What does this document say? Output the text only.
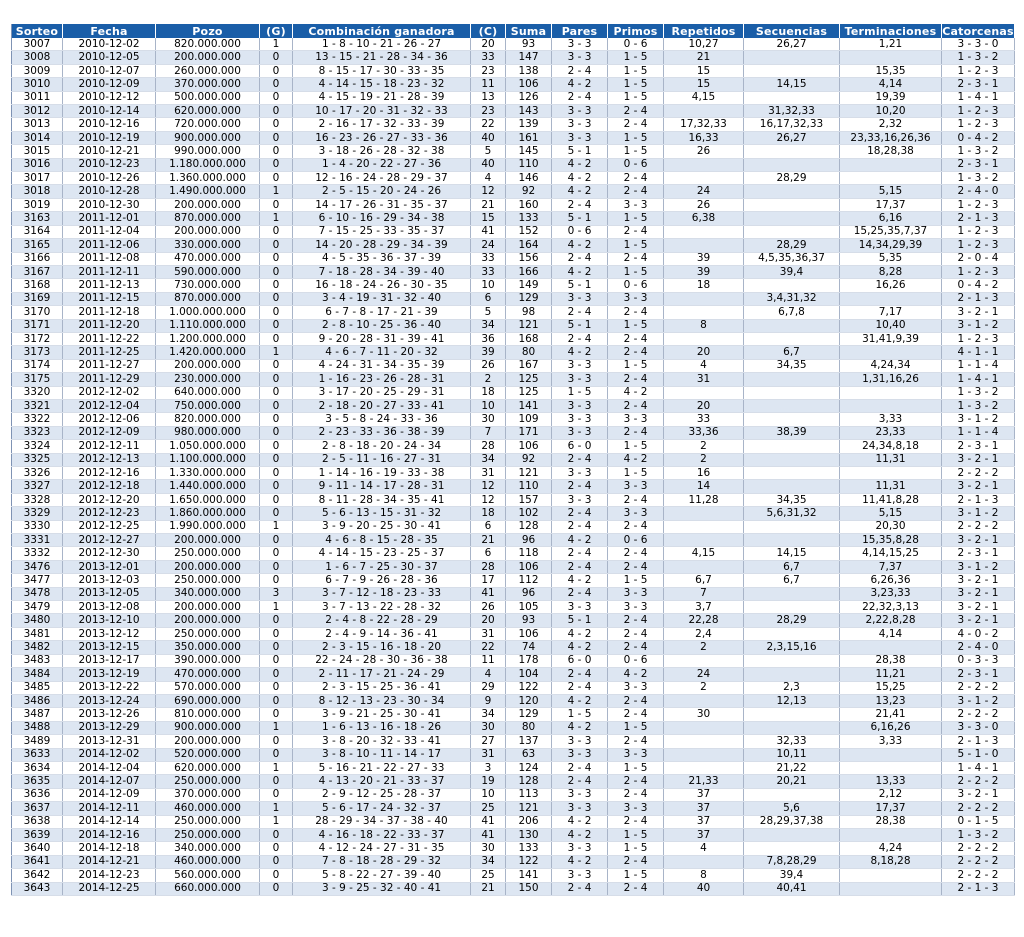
Sorteo	Fecha	Pozo	(G)	Combinación ganadora	(C)	Suma	Pares	Primos	Repetidos	Secuencias	Terminaciones	Catorcenas
3007	2010-12-02	820.000.000	1	1 - 8 - 10 - 21 - 26 - 27	20	93	3 - 3	0 - 6	10,27	26,27	1,21	3 - 3 - 0
3008	2010-12-05	200.000.000	0	13 - 15 - 21 - 28 - 34 - 36	33	147	3 - 3	1 - 5	21			1 - 3 - 2
3009	2010-12-07	260.000.000	0	8 - 15 - 17 - 30 - 33 - 35	23	138	2 - 4	1 - 5	15		15,35	1 - 2 - 3
3010	2010-12-09	370.000.000	0	4 - 14 - 15 - 18 - 23 - 32	11	106	4 - 2	1 - 5	15	14,15	4,14	2 - 3 - 1
3011	2010-12-12	500.000.000	0	4 - 15 - 19 - 21 - 28 - 39	13	126	2 - 4	1 - 5	4,15		19,39	1 - 4 - 1
3012	2010-12-14	620.000.000	0	10 - 17 - 20 - 31 - 32 - 33	23	143	3 - 3	2 - 4		31,32,33	10,20	1 - 2 - 3
3013	2010-12-16	720.000.000	0	2 - 16 - 17 - 32 - 33 - 39	22	139	3 - 3	2 - 4	17,32,33	16,17,32,33	2,32	1 - 2 - 3
3014	2010-12-19	900.000.000	0	16 - 23 - 26 - 27 - 33 - 36	40	161	3 - 3	1 - 5	16,33	26,27	23,33,16,26,36	0 - 4 - 2
3015	2010-12-21	990.000.000	0	3 - 18 - 26 - 28 - 32 - 38	5	145	5 - 1	1 - 5	26		18,28,38	1 - 3 - 2
3016	2010-12-23	1.180.000.000	0	1 - 4 - 20 - 22 - 27 - 36	40	110	4 - 2	0 - 6				2 - 3 - 1
3017	2010-12-26	1.360.000.000	0	12 - 16 - 24 - 28 - 29 - 37	4	146	4 - 2	2 - 4		28,29		1 - 3 - 2
3018	2010-12-28	1.490.000.000	1	2 - 5 - 15 - 20 - 24 - 26	12	92	4 - 2	2 - 4	24		5,15	2 - 4 - 0
3019	2010-12-30	200.000.000	0	14 - 17 - 26 - 31 - 35 - 37	21	160	2 - 4	3 - 3	26		17,37	1 - 2 - 3
3163	2011-12-01	870.000.000	1	6 - 10 - 16 - 29 - 34 - 38	15	133	5 - 1	1 - 5	6,38		6,16	2 - 1 - 3
3164	2011-12-04	200.000.000	0	7 - 15 - 25 - 33 - 35 - 37	41	152	0 - 6	2 - 4			15,25,35,7,37	1 - 2 - 3
3165	2011-12-06	330.000.000	0	14 - 20 - 28 - 29 - 34 - 39	24	164	4 - 2	1 - 5		28,29	14,34,29,39	1 - 2 - 3
3166	2011-12-08	470.000.000	0	4 - 5 - 35 - 36 - 37 - 39	33	156	2 - 4	2 - 4	39	4,5,35,36,37	5,35	2 - 0 - 4
3167	2011-12-11	590.000.000	0	7 - 18 - 28 - 34 - 39 - 40	33	166	4 - 2	1 - 5	39	39,4	8,28	1 - 2 - 3
3168	2011-12-13	730.000.000	0	16 - 18 - 24 - 26 - 30 - 35	10	149	5 - 1	0 - 6	18		16,26	0 - 4 - 2
3169	2011-12-15	870.000.000	0	3 - 4 - 19 - 31 - 32 - 40	6	129	3 - 3	3 - 3		3,4,31,32		2 - 1 - 3
3170	2011-12-18	1.000.000.000	0	6 - 7 - 8 - 17 - 21 - 39	5	98	2 - 4	2 - 4		6,7,8	7,17	3 - 2 - 1
3171	2011-12-20	1.110.000.000	0	2 - 8 - 10 - 25 - 36 - 40	34	121	5 - 1	1 - 5	8		10,40	3 - 1 - 2
3172	2011-12-22	1.200.000.000	0	9 - 20 - 28 - 31 - 39 - 41	36	168	2 - 4	2 - 4			31,41,9,39	1 - 2 - 3
3173	2011-12-25	1.420.000.000	1	4 - 6 - 7 - 11 - 20 - 32	39	80	4 - 2	2 - 4	20	6,7		4 - 1 - 1
3174	2011-12-27	200.000.000	0	4 - 24 - 31 - 34 - 35 - 39	26	167	3 - 3	1 - 5	4	34,35	4,24,34	1 - 1 - 4
3175	2011-12-29	230.000.000	0	1 - 16 - 23 - 26 - 28 - 31	2	125	3 - 3	2 - 4	31		1,31,16,26	1 - 4 - 1
3320	2012-12-02	640.000.000	0	3 - 17 - 20 - 25 - 29 - 31	18	125	1 - 5	4 - 2				1 - 3 - 2
3321	2012-12-04	750.000.000	0	2 - 18 - 20 - 27 - 33 - 41	10	141	3 - 3	2 - 4	20			1 - 3 - 2
3322	2012-12-06	820.000.000	0	3 - 5 - 8 - 24 - 33 - 36	30	109	3 - 3	3 - 3	33		3,33	3 - 1 - 2
3323	2012-12-09	980.000.000	0	2 - 23 - 33 - 36 - 38 - 39	7	171	3 - 3	2 - 4	33,36	38,39	23,33	1 - 1 - 4
3324	2012-12-11	1.050.000.000	0	2 - 8 - 18 - 20 - 24 - 34	28	106	6 - 0	1 - 5	2		24,34,8,18	2 - 3 - 1
3325	2012-12-13	1.100.000.000	0	2 - 5 - 11 - 16 - 27 - 31	34	92	2 - 4	4 - 2	2		11,31	3 - 2 - 1
3326	2012-12-16	1.330.000.000	0	1 - 14 - 16 - 19 - 33 - 38	31	121	3 - 3	1 - 5	16			2 - 2 - 2
3327	2012-12-18	1.440.000.000	0	9 - 11 - 14 - 17 - 28 - 31	12	110	2 - 4	3 - 3	14		11,31	3 - 2 - 1
3328	2012-12-20	1.650.000.000	0	8 - 11 - 28 - 34 - 35 - 41	12	157	3 - 3	2 - 4	11,28	34,35	11,41,8,28	2 - 1 - 3
3329	2012-12-23	1.860.000.000	0	5 - 6 - 13 - 15 - 31 - 32	18	102	2 - 4	3 - 3		5,6,31,32	5,15	3 - 1 - 2
3330	2012-12-25	1.990.000.000	1	3 - 9 - 20 - 25 - 30 - 41	6	128	2 - 4	2 - 4			20,30	2 - 2 - 2
3331	2012-12-27	200.000.000	0	4 - 6 - 8 - 15 - 28 - 35	21	96	4 - 2	0 - 6			15,35,8,28	3 - 2 - 1
3332	2012-12-30	250.000.000	0	4 - 14 - 15 - 23 - 25 - 37	6	118	2 - 4	2 - 4	4,15	14,15	4,14,15,25	2 - 3 - 1
3476	2013-12-01	200.000.000	0	1 - 6 - 7 - 25 - 30 - 37	28	106	2 - 4	2 - 4		6,7	7,37	3 - 1 - 2
3477	2013-12-03	250.000.000	0	6 - 7 - 9 - 26 - 28 - 36	17	112	4 - 2	1 - 5	6,7	6,7	6,26,36	3 - 2 - 1
3478	2013-12-05	340.000.000	3	3 - 7 - 12 - 18 - 23 - 33	41	96	2 - 4	3 - 3	7		3,23,33	3 - 2 - 1
3479	2013-12-08	200.000.000	1	3 - 7 - 13 - 22 - 28 - 32	26	105	3 - 3	3 - 3	3,7		22,32,3,13	3 - 2 - 1
3480	2013-12-10	200.000.000	0	2 - 4 - 8 - 22 - 28 - 29	20	93	5 - 1	2 - 4	22,28	28,29	2,22,8,28	3 - 2 - 1
3481	2013-12-12	250.000.000	0	2 - 4 - 9 - 14 - 36 - 41	31	106	4 - 2	2 - 4	2,4		4,14	4 - 0 - 2
3482	2013-12-15	350.000.000	0	2 - 3 - 15 - 16 - 18 - 20	22	74	4 - 2	2 - 4	2	2,3,15,16		2 - 4 - 0
3483	2013-12-17	390.000.000	0	22 - 24 - 28 - 30 - 36 - 38	11	178	6 - 0	0 - 6			28,38	0 - 3 - 3
3484	2013-12-19	470.000.000	0	2 - 11 - 17 - 21 - 24 - 29	4	104	2 - 4	4 - 2	24		11,21	2 - 3 - 1
3485	2013-12-22	570.000.000	0	2 - 3 - 15 - 25 - 36 - 41	29	122	2 - 4	3 - 3	2	2,3	15,25	2 - 2 - 2
3486	2013-12-24	690.000.000	0	8 - 12 - 13 - 23 - 30 - 34	9	120	4 - 2	2 - 4		12,13	13,23	3 - 1 - 2
3487	2013-12-26	810.000.000	0	3 - 9 - 21 - 25 - 30 - 41	34	129	1 - 5	2 - 4	30		21,41	2 - 2 - 2
3488	2013-12-29	900.000.000	1	1 - 6 - 13 - 16 - 18 - 26	30	80	4 - 2	1 - 5			6,16,26	3 - 3 - 0
3489	2013-12-31	200.000.000	0	3 - 8 - 20 - 32 - 33 - 41	27	137	3 - 3	2 - 4		32,33	3,33	2 - 1 - 3
3633	2014-12-02	520.000.000	0	3 - 8 - 10 - 11 - 14 - 17	31	63	3 - 3	3 - 3		10,11		5 - 1 - 0
3634	2014-12-04	620.000.000	1	5 - 16 - 21 - 22 - 27 - 33	3	124	2 - 4	1 - 5		21,22		1 - 4 - 1
3635	2014-12-07	250.000.000	0	4 - 13 - 20 - 21 - 33 - 37	19	128	2 - 4	2 - 4	21,33	20,21	13,33	2 - 2 - 2
3636	2014-12-09	370.000.000	0	2 - 9 - 12 - 25 - 28 - 37	10	113	3 - 3	2 - 4	37		2,12	3 - 2 - 1
3637	2014-12-11	460.000.000	1	5 - 6 - 17 - 24 - 32 - 37	25	121	3 - 3	3 - 3	37	5,6	17,37	2 - 2 - 2
3638	2014-12-14	250.000.000	1	28 - 29 - 34 - 37 - 38 - 40	41	206	4 - 2	2 - 4	37	28,29,37,38	28,38	0 - 1 - 5
3639	2014-12-16	250.000.000	0	4 - 16 - 18 - 22 - 33 - 37	41	130	4 - 2	1 - 5	37			1 - 3 - 2
3640	2014-12-18	340.000.000	0	4 - 12 - 24 - 27 - 31 - 35	30	133	3 - 3	1 - 5	4		4,24	2 - 2 - 2
3641	2014-12-21	460.000.000	0	7 - 8 - 18 - 28 - 29 - 32	34	122	4 - 2	2 - 4		7,8,28,29	8,18,28	2 - 2 - 2
3642	2014-12-23	560.000.000	0	5 - 8 - 22 - 27 - 39 - 40	25	141	3 - 3	1 - 5	8	39,4		2 - 2 - 2
3643	2014-12-25	660.000.000	0	3 - 9 - 25 - 32 - 40 - 41	21	150	2 - 4	2 - 4	40	40,41		2 - 1 - 3
